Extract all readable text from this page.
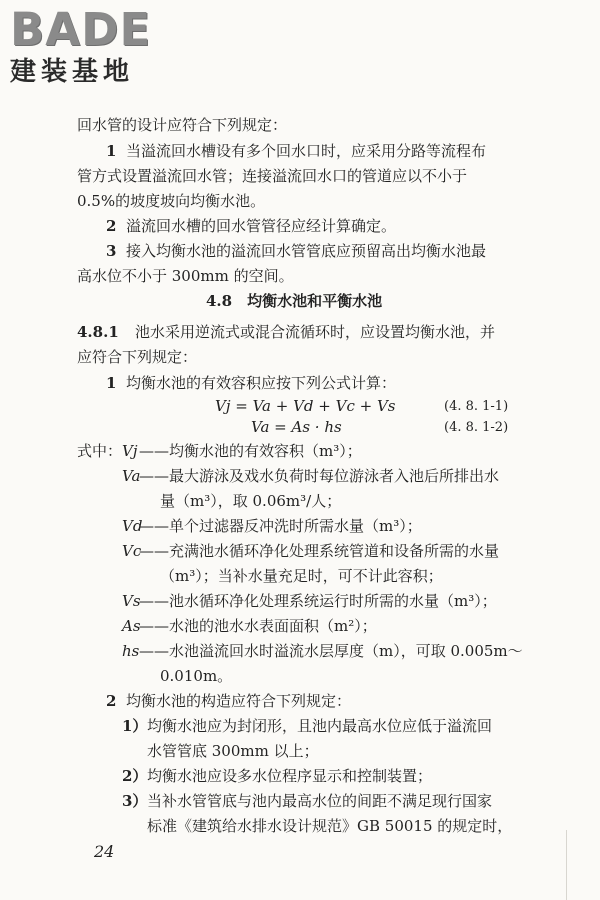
BADE
建装基地
回水管的设计应符合下列规定：
1 当溢流回水槽设有多个回水口时，应采用分路等流程布
管方式设置溢流回水管；连接溢流回水口的管道应以不小于
0.5%的坡度坡向均衡水池。
2 溢流回水槽的回水管管径应经计算确定。
3 接入均衡水池的溢流回水管管底应预留高出均衡水池最
高水位不小于 300mm 的空间。
4.8　均衡水池和平衡水池
4.8.1 池水采用逆流式或混合流循环时，应设置均衡水池，并
应符合下列规定：
1 均衡水池的有效容积应按下列公式计算：
Vj = Va + Vd + Vc + Vs	(4. 8. 1-1)
Va = As · hs	(4. 8. 1-2)
式中： Vj ——均衡水池的有效容积（m³）；
Va
——最大游泳及戏水负荷时每位游泳者入池后所排出水
量（m³），取 0.06m³/人；
Vd
——单个过滤器反冲洗时所需水量（m³）；
Vc
——充满池水循环净化处理系统管道和设备所需的水量
（m³）；当补水量充足时，可不计此容积；
Vs
——池水循环净化处理系统运行时所需的水量（m³）；
As
——水池的池水水表面面积（m²）；
hs ——水池溢流回水时溢流水层厚度（m），可取 0.005m～
0.010m。
2 均衡水池的构造应符合下列规定：
1） 均衡水池应为封闭形，且池内最高水位应低于溢流回
水管管底 300mm 以上；
2） 均衡水池应设多水位程序显示和控制装置；
3） 当补水管管底与池内最高水位的间距不满足现行国家
标准《建筑给水排水设计规范》GB 50015 的规定时，
24
